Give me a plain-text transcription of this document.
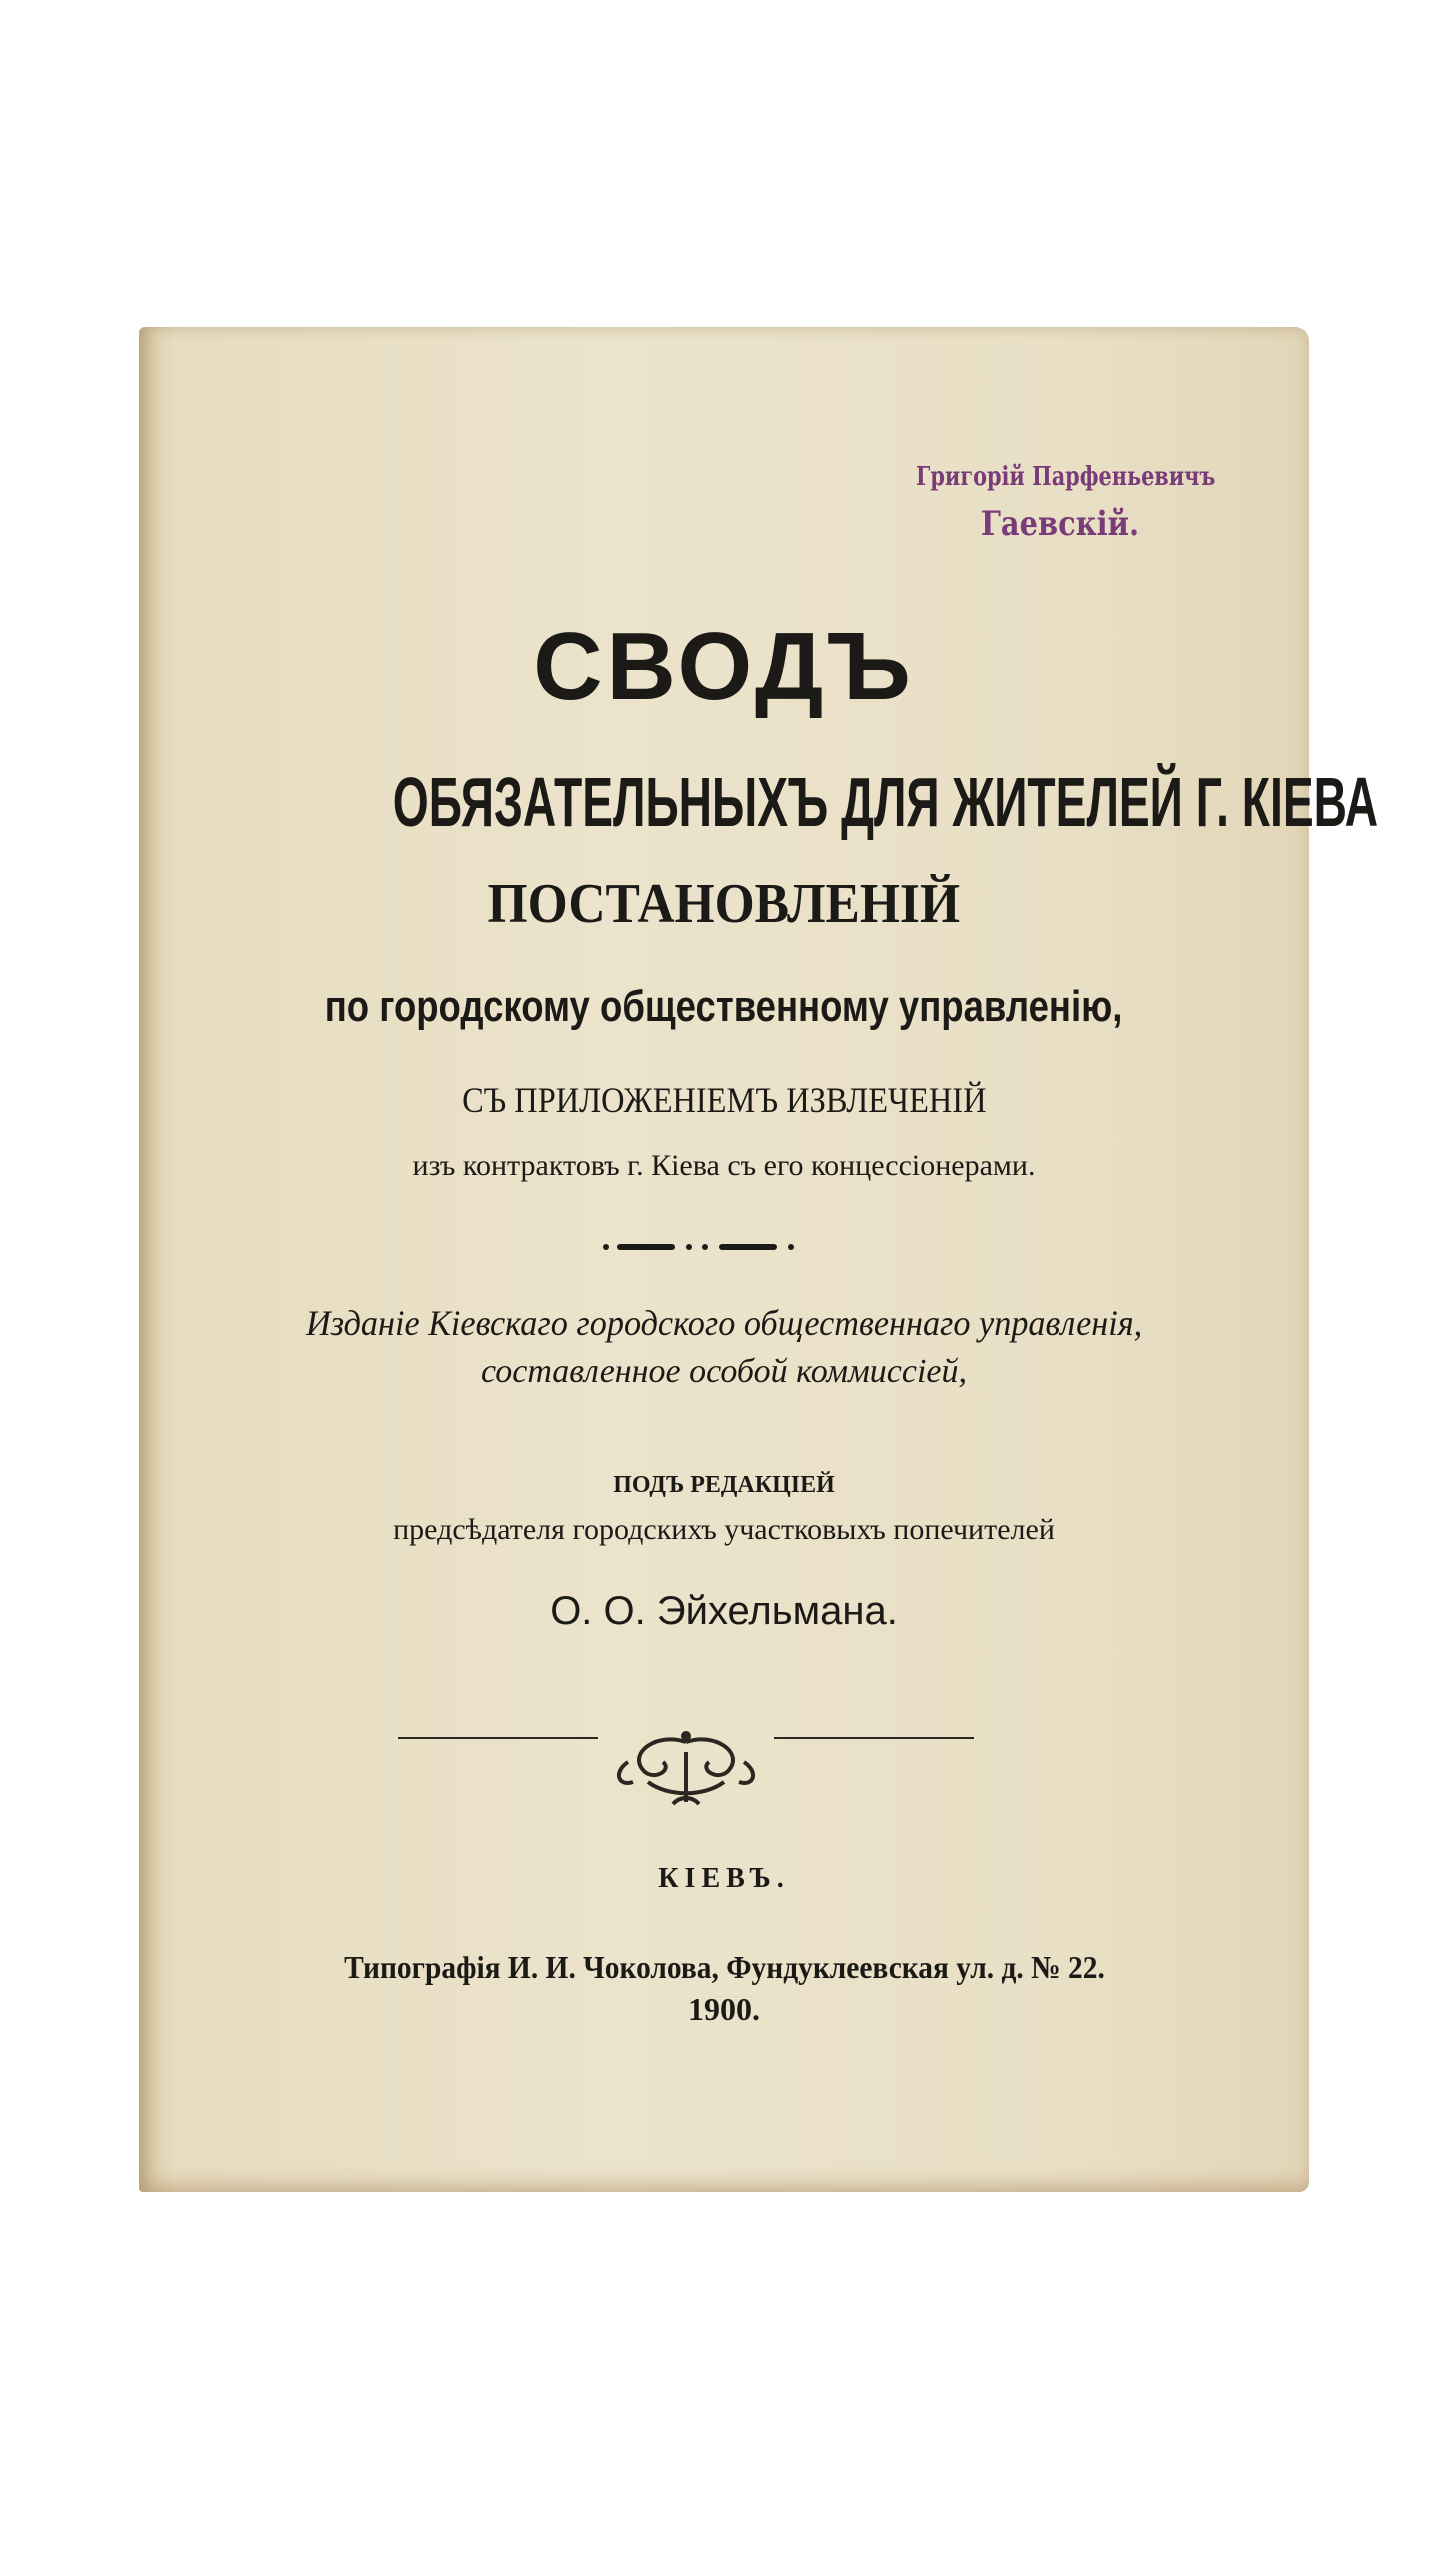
Григорій Парфеньевичъ
Гаевскій.
СВОДЪ
ОБЯЗАТЕЛЬНЫХЪ ДЛЯ ЖИТЕЛЕЙ Г. КІЕВА
ПОСТАНОВЛЕНІЙ
по городскому общественному управленію,
СЪ ПРИЛОЖЕНІЕМЪ ИЗВЛЕЧЕНІЙ
изъ контрактовъ г. Кіева съ его концессіонерами.
Изданіе Кіевскаго городского общественнаго управленія,
составленное особой коммиссіей,
ПОДЪ РЕДАКЦІЕЙ
предсѣдателя городскихъ участковыхъ попечителей
О. О. Эйхельмана.
КІЕВЪ.
Типографія И. И. Чоколова, Фундуклеевская ул. д. № 22.
1900.
